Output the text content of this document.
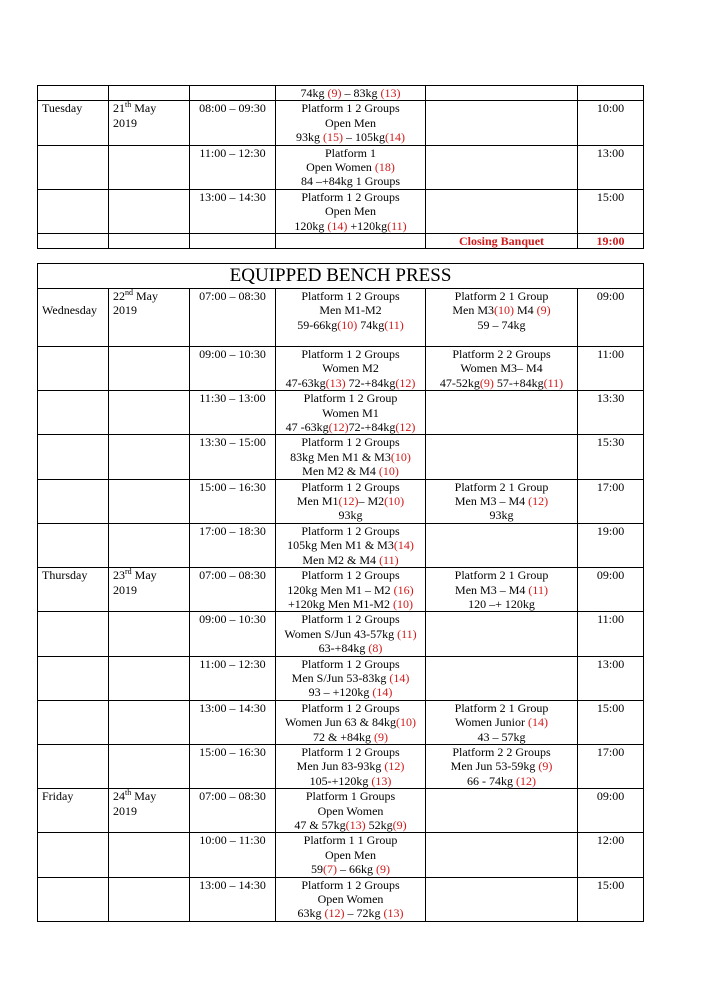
			74kg (9) – 83kg (13)		

Tuesday	21th May
2019	08:00 – 09:30	Platform 1 2 Groups
Open Men
93kg (15) – 105kg(14)		10:00
		11:00 – 12:30	Platform 1
Open Women (18)
84 –+84kg 1 Groups		13:00
		13:00 – 14:30	Platform 1 2 Groups
Open Men
120kg (14) +120kg(11)		15:00

				Closing Banquet	19:00
EQUIPPED BENCH PRESS					
Wednesday	22nd May
2019	07:00 – 08:30	Platform 1 2 Groups
Men M1-M2
59-66kg(10) 74kg(11)	Platform 2 1 Group
Men M3(10) M4 (9)
59 – 74kg	09:00
		09:00 – 10:30	Platform 1 2 Groups
Women M2
47-63kg(13) 72-+84kg(12)	Platform 2 2 Groups
Women M3– M4
47-52kg(9) 57-+84kg(11)	11:00
		11:30 – 13:00	Platform 1 2 Group
Women M1
47 -63kg(12)72-+84kg(12)		13:30
		13:30 – 15:00	Platform 1 2 Groups
83kg Men M1 & M3(10)
Men M2 & M4 (10)		15:30
		15:00 – 16:30	Platform 1 2 Groups
Men M1(12)– M2(10)
93kg	Platform 2 1 Group
Men M3 – M4 (12)
93kg	17:00
		17:00 – 18:30	Platform 1 2 Groups
105kg Men M1 & M3(14)
Men M2 & M4 (11)		19:00
Thursday	23rd May
2019	07:00 – 08:30	Platform 1 2 Groups
120kg Men M1 – M2 (16)
+120kg Men M1-M2 (10)	Platform 2 1 Group
Men M3 – M4 (11)
120 –+ 120kg	09:00
		09:00 – 10:30	Platform 1 2 Groups
Women S/Jun 43-57kg (11)
63-+84kg (8)		11:00
		11:00 – 12:30	Platform 1 2 Groups
Men S/Jun 53-83kg (14)
93 – +120kg (14)		13:00
		13:00 – 14:30	Platform 1 2 Groups
Women Jun 63 & 84kg(10)
72 & +84kg (9)	Platform 2 1 Group
Women Junior (14)
43 – 57kg	15:00
		15:00 – 16:30	Platform 1 2 Groups
Men Jun 83-93kg (12)
105-+120kg (13)	Platform 2 2 Groups
Men Jun 53-59kg (9)
66 - 74kg (12)	17:00
Friday	24th May
2019	07:00 – 08:30	Platform 1 Groups
Open Women
47 & 57kg(13) 52kg(9)		09:00
		10:00 – 11:30	Platform 1 1 Group
Open Men
59(7) – 66kg (9)		12:00
		13:00 – 14:30	Platform 1 2 Groups
Open Women
63kg (12) – 72kg (13)		15:00
